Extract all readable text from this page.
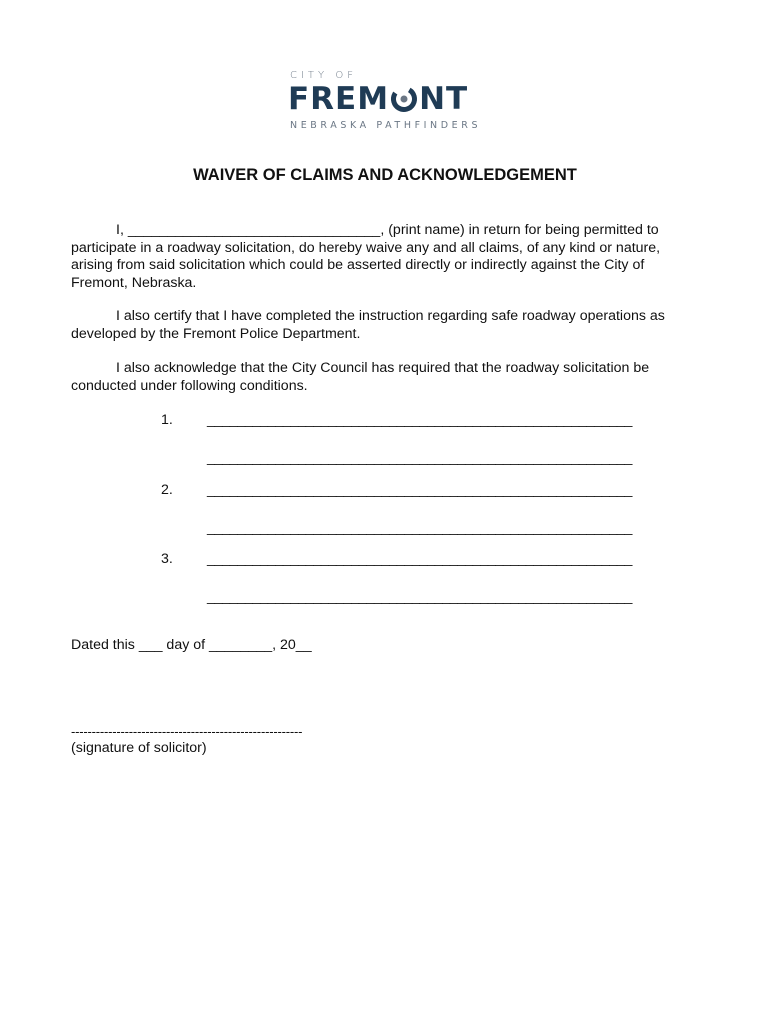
CITY OF
FREM NT
NEBRASKA PATHFINDERS
WAIVER OF CLAIMS AND ACKNOWLEDGEMENT
I, ________________________________, (print name) in return for being permitted to participate in a roadway solicitation, do hereby waive any and all claims, of any kind or nature, arising from said solicitation which could be asserted directly or indirectly against the City of Fremont, Nebraska.
I also certify that I have completed the instruction regarding safe roadway operations as developed by the Fremont Police Department.
I also acknowledge that the City Council has required that the roadway solicitation be conducted under following conditions.
1. ________________________________________________________
________________________________________________________
2. ________________________________________________________
________________________________________________________
3. ________________________________________________________
________________________________________________________
Dated this ___ day of ________, 20__
--------------------------------------------------------
(signature of solicitor)
